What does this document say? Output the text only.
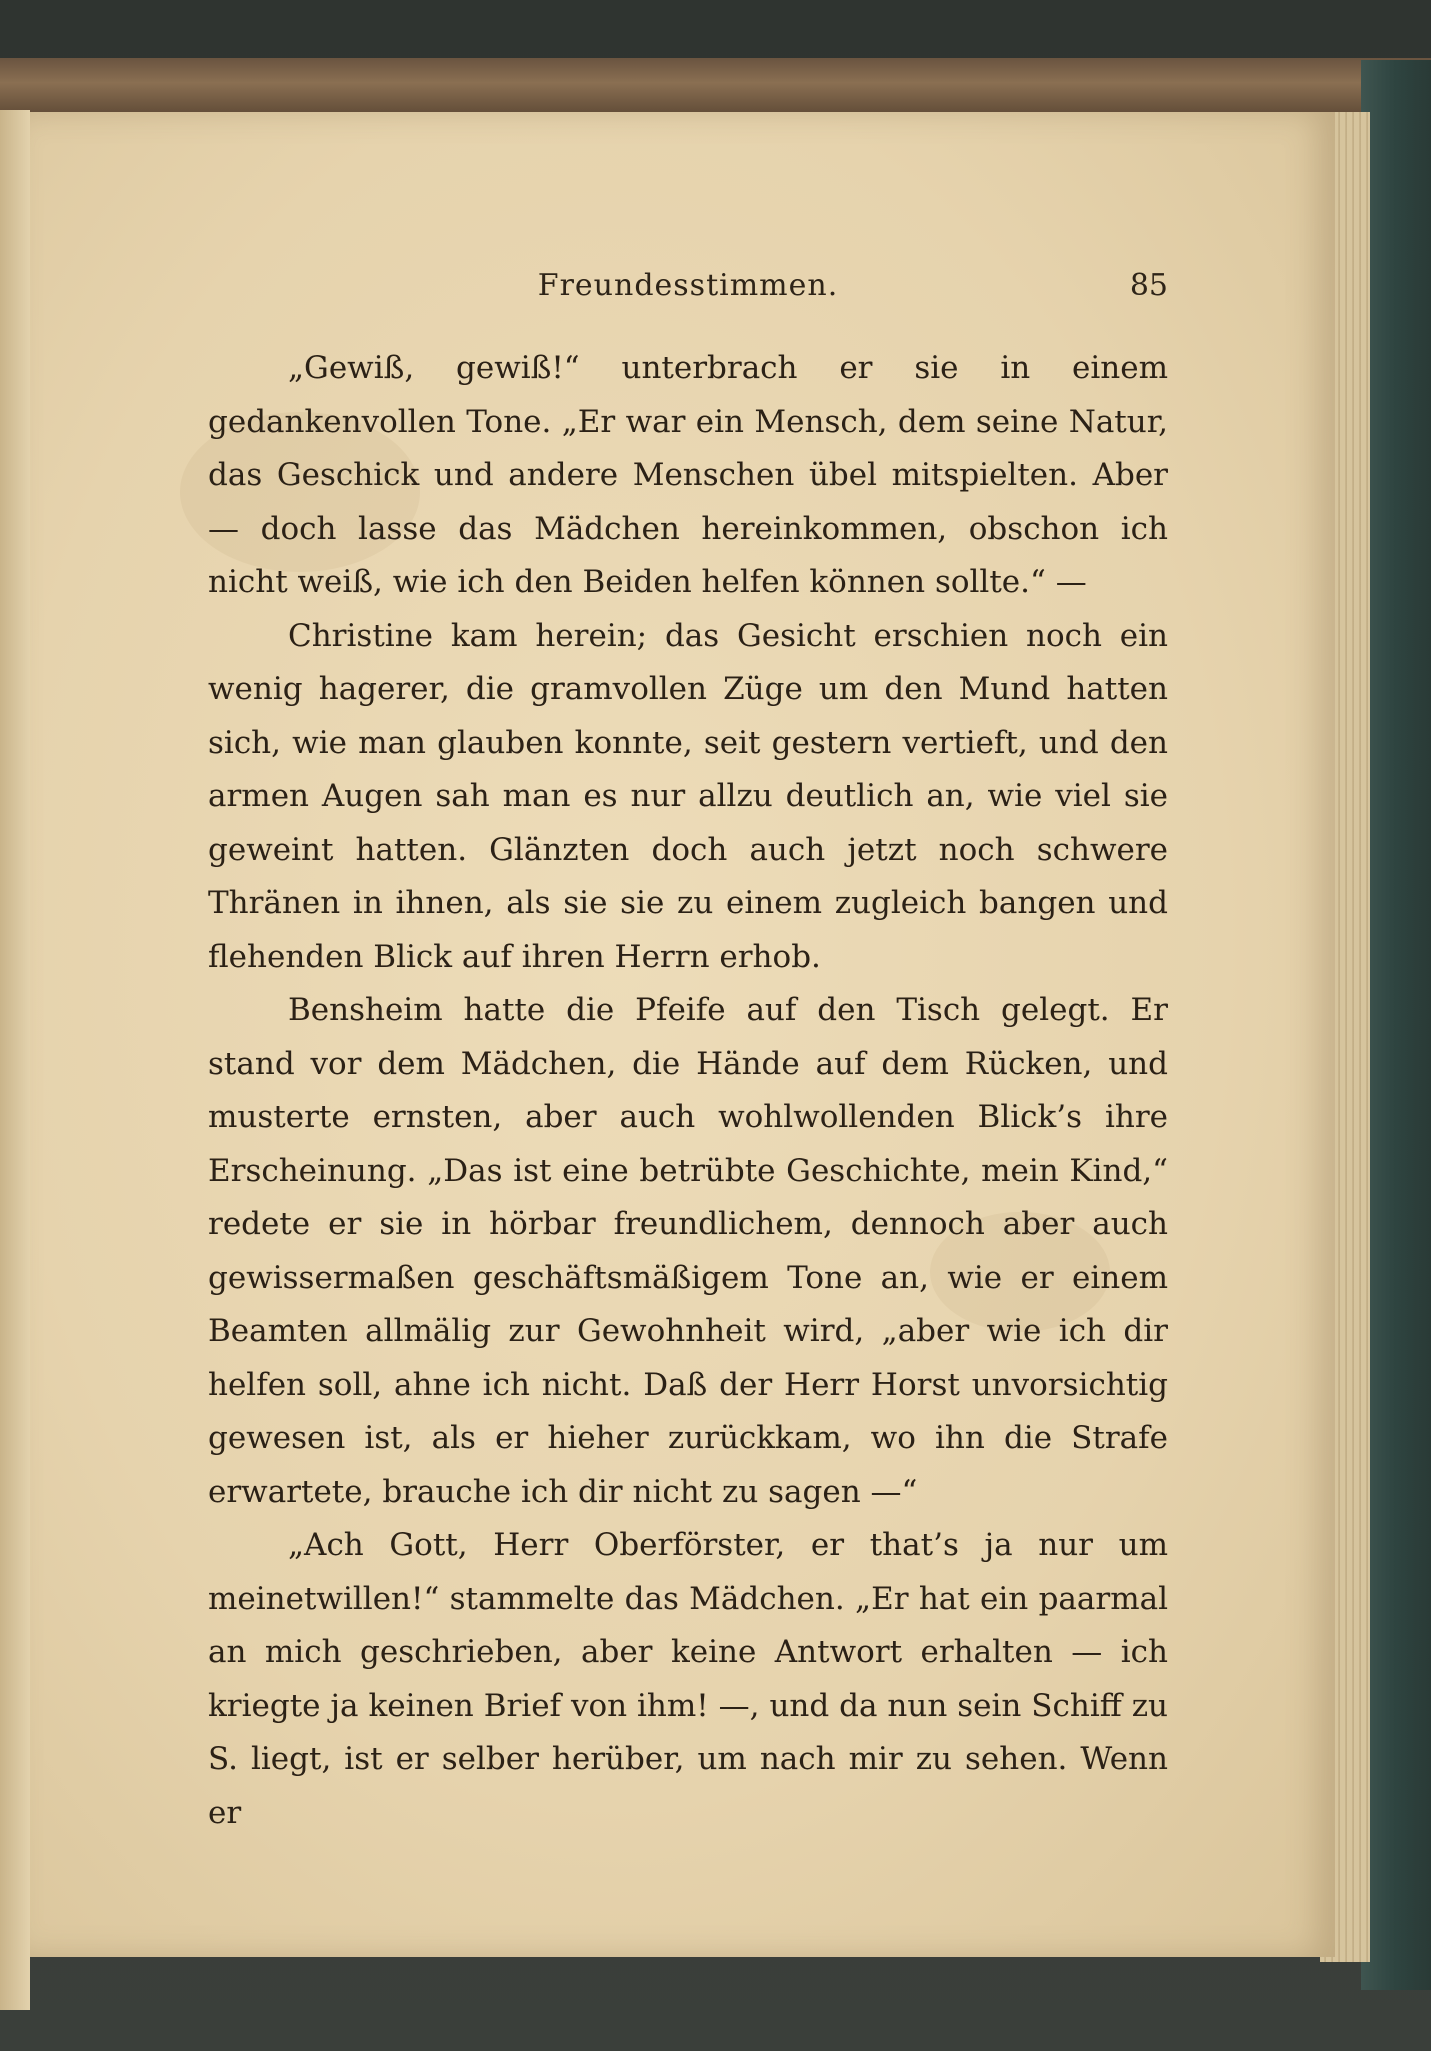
Freundesstimmen.	85

„Gewiß, gewiß!“ unterbrach er sie in einem gedankenvollen Tone. „Er war ein Mensch, dem seine Natur, das Geschick und andere Menschen übel mitspielten. Aber — doch lasse das Mädchen hereinkommen, obschon ich nicht weiß, wie ich den Beiden helfen können sollte.“ —

Christine kam herein; das Gesicht erschien noch ein wenig hagerer, die gramvollen Züge um den Mund hatten sich, wie man glauben konnte, seit gestern vertieft, und den armen Augen sah man es nur allzu deutlich an, wie viel sie geweint hatten. Glänzten doch auch jetzt noch schwere Thränen in ihnen, als sie sie zu einem zugleich bangen und flehenden Blick auf ihren Herrn erhob.

Bensheim hatte die Pfeife auf den Tisch gelegt. Er stand vor dem Mädchen, die Hände auf dem Rücken, und musterte ernsten, aber auch wohlwollenden Blick’s ihre Erscheinung. „Das ist eine betrübte Geschichte, mein Kind,“ redete er sie in hörbar freundlichem, dennoch aber auch gewissermaßen geschäftsmäßigem Tone an, wie er einem Beamten allmälig zur Gewohnheit wird, „aber wie ich dir helfen soll, ahne ich nicht. Daß der Herr Horst unvorsichtig gewesen ist, als er hieher zurückkam, wo ihn die Strafe erwartete, brauche ich dir nicht zu sagen —“

„Ach Gott, Herr Oberförster, er that’s ja nur um meinetwillen!“ stammelte das Mädchen. „Er hat ein paarmal an mich geschrieben, aber keine Antwort erhalten — ich kriegte ja keinen Brief von ihm! —, und da nun sein Schiff zu S. liegt, ist er selber herüber, um nach mir zu sehen. Wenn er
